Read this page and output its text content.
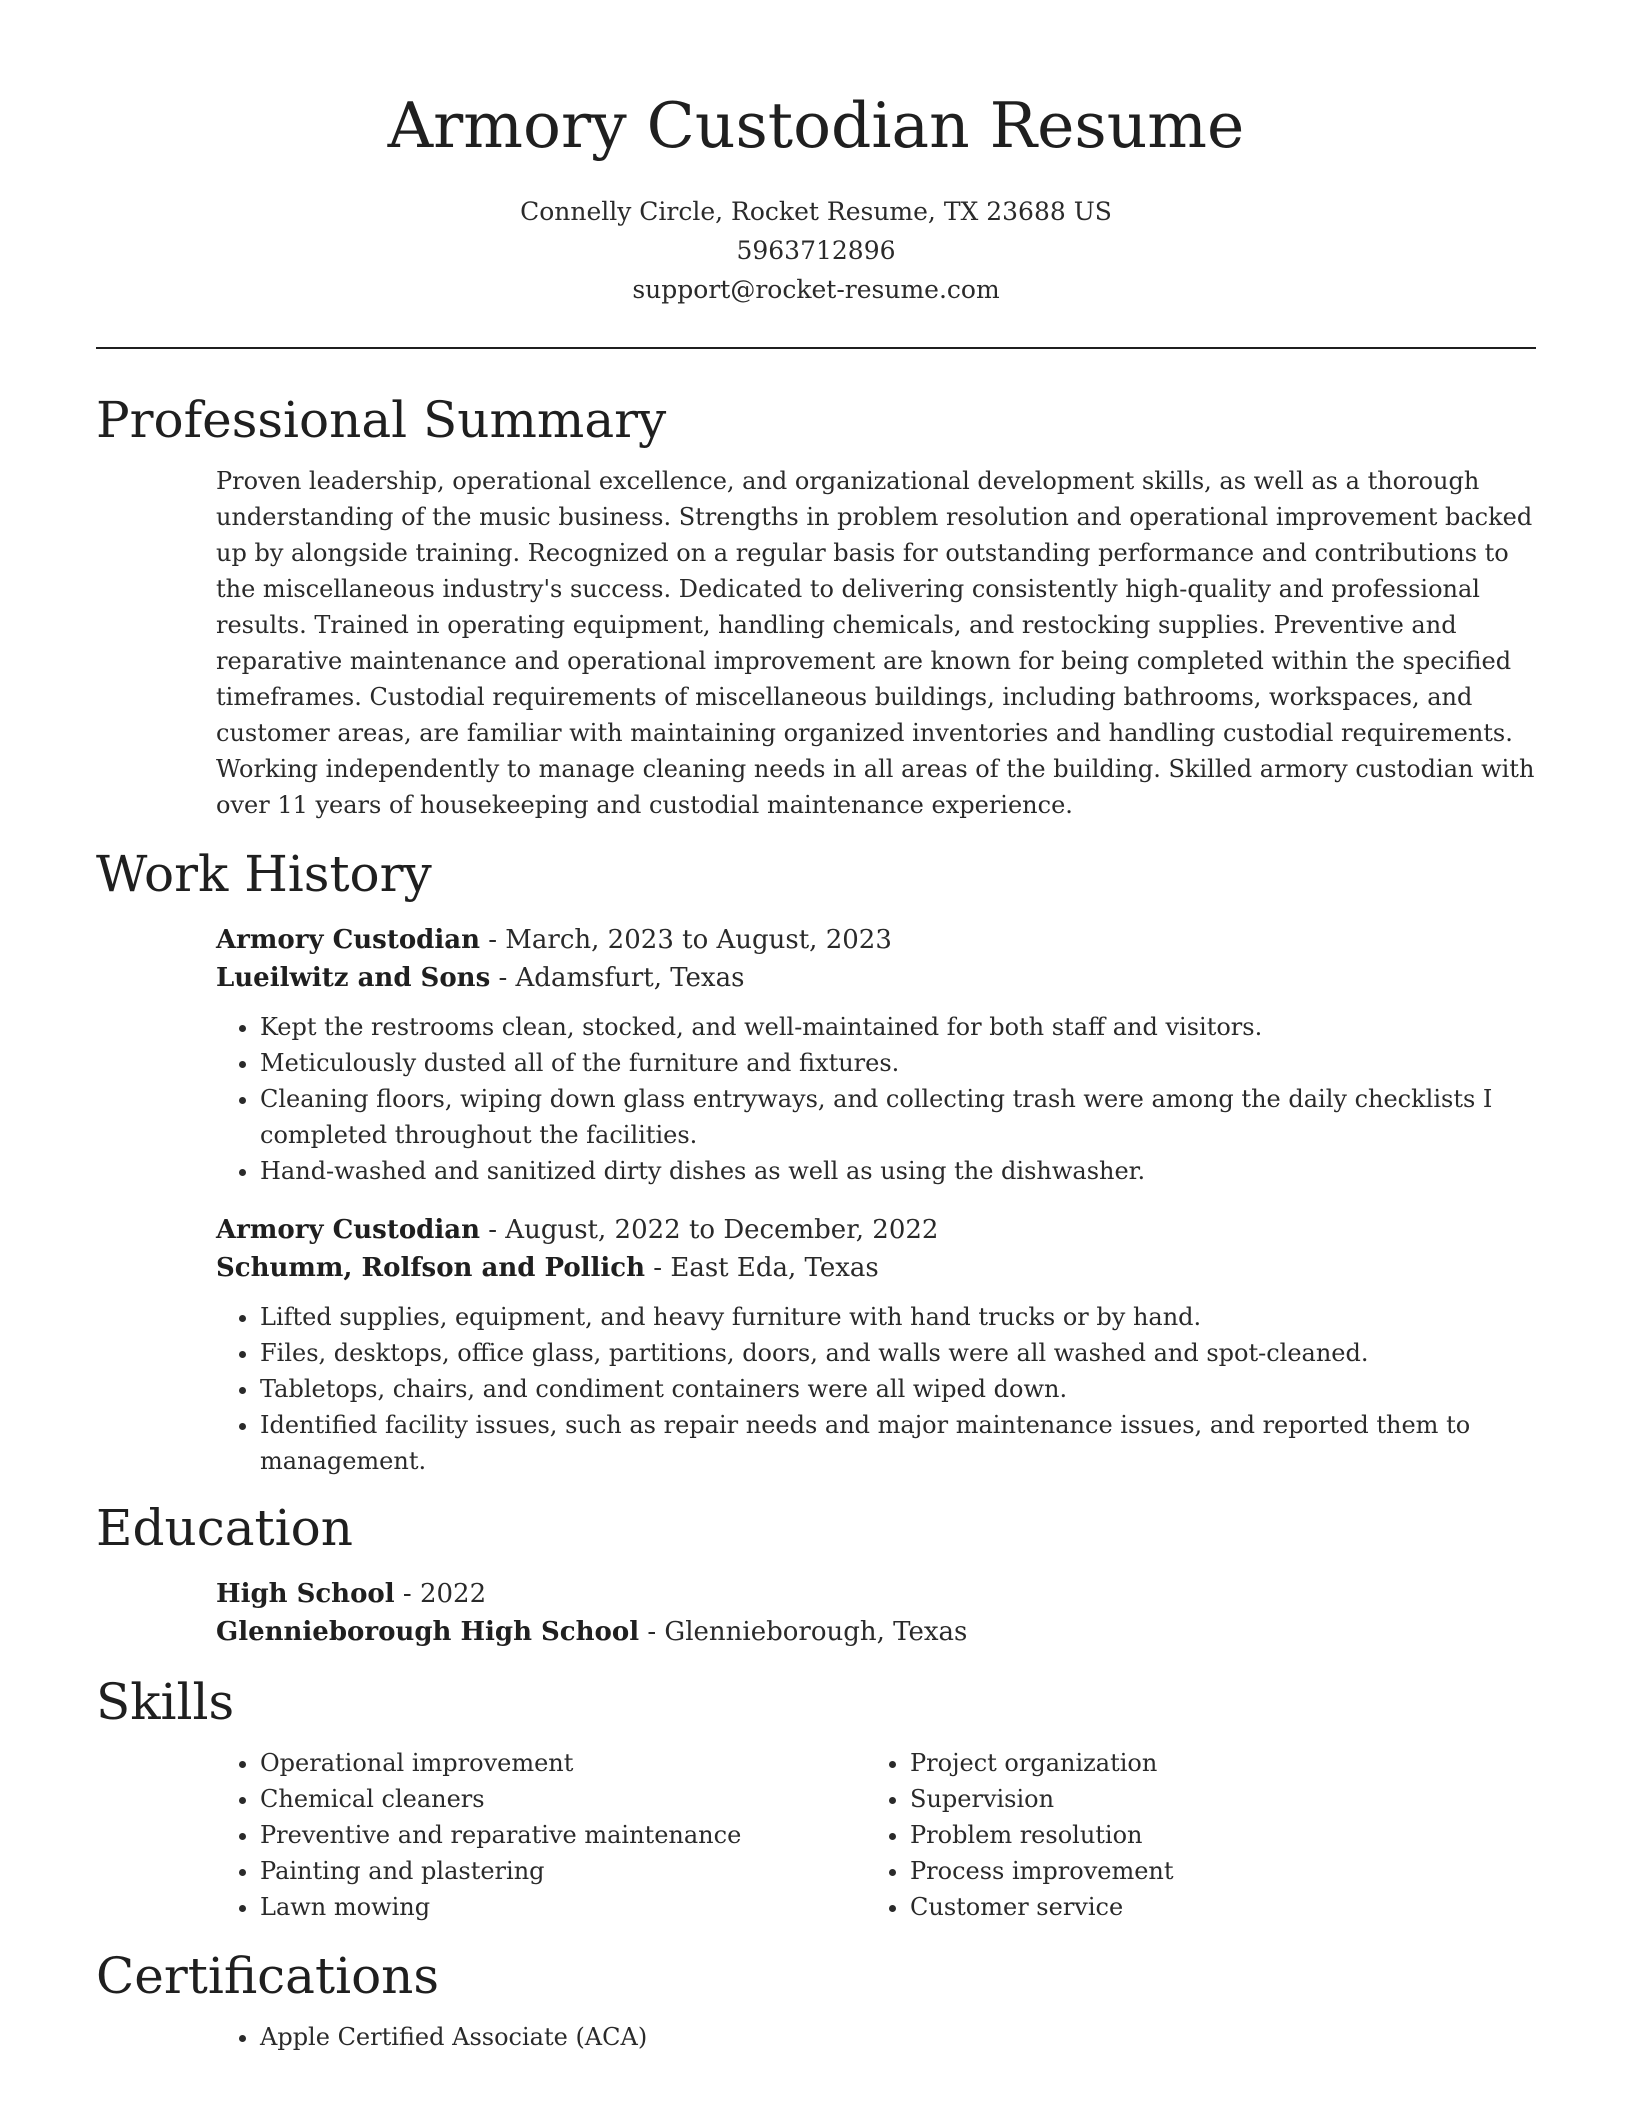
Armory Custodian Resume
Connelly Circle, Rocket Resume, TX 23688 US
5963712896
support@rocket-resume.com
Professional Summary
Proven leadership, operational excellence, and organizational development skills, as well as a thorough understanding of the music business. Strengths in problem resolution and operational improvement backed up by alongside training. Recognized on a regular basis for outstanding performance and contributions to the miscellaneous industry's success. Dedicated to delivering consistently high-quality and professional results. Trained in operating equipment, handling chemicals, and restocking supplies. Preventive and reparative maintenance and operational improvement are known for being completed within the specified timeframes. Custodial requirements of miscellaneous buildings, including bathrooms, workspaces, and customer areas, are familiar with maintaining organized inventories and handling custodial requirements. Working independently to manage cleaning needs in all areas of the building. Skilled armory custodian with over 11 years of housekeeping and custodial maintenance experience.
Work History
Armory Custodian - March, 2023 to August, 2023
Lueilwitz and Sons - Adamsfurt, Texas
• Kept the restrooms clean, stocked, and well-maintained for both staff and visitors.
• Meticulously dusted all of the furniture and fixtures.
• Cleaning floors, wiping down glass entryways, and collecting trash were among the daily checklists I completed throughout the facilities.
• Hand-washed and sanitized dirty dishes as well as using the dishwasher.
Armory Custodian - August, 2022 to December, 2022
Schumm, Rolfson and Pollich - East Eda, Texas
• Lifted supplies, equipment, and heavy furniture with hand trucks or by hand.
• Files, desktops, office glass, partitions, doors, and walls were all washed and spot-cleaned.
• Tabletops, chairs, and condiment containers were all wiped down.
• Identified facility issues, such as repair needs and major maintenance issues, and reported them to management.
Education
High School - 2022
Glennieborough High School - Glennieborough, Texas
Skills
• Operational improvement
• Chemical cleaners
• Preventive and reparative maintenance
• Painting and plastering
• Lawn mowing
• Project organization
• Supervision
• Problem resolution
• Process improvement
• Customer service
Certifications
• Apple Certified Associate (ACA)
